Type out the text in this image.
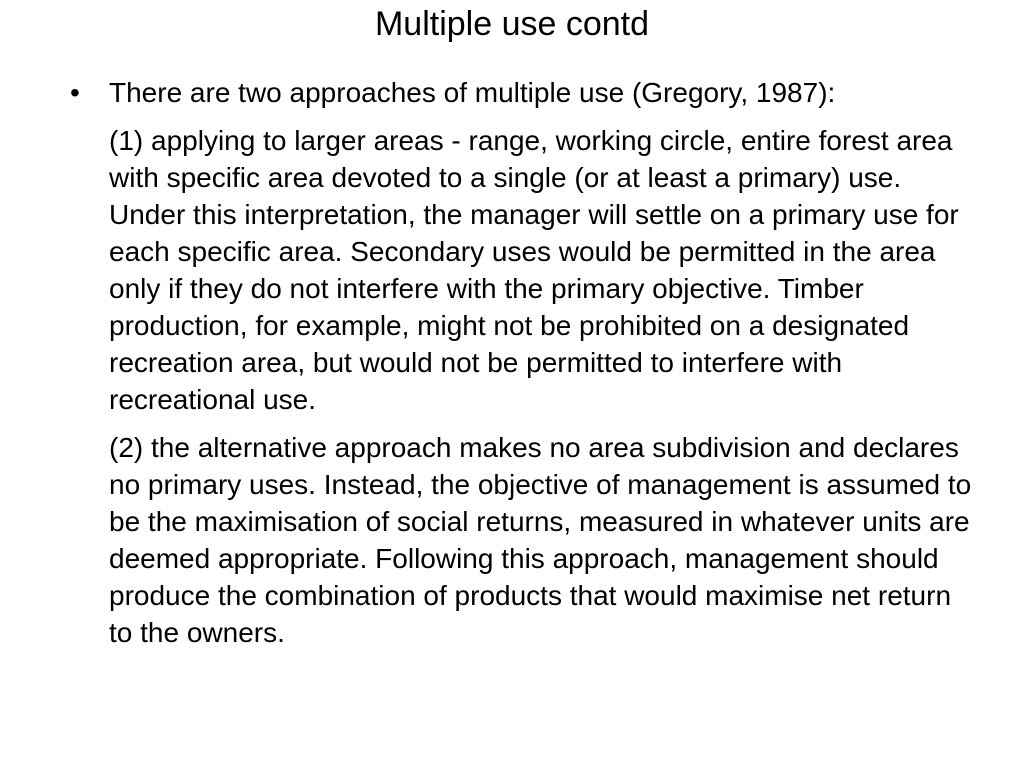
Multiple use contd
•	There are two approaches of multiple use (Gregory, 1987):
(1) applying to larger areas - range, working circle, entire forest area with specific area devoted to a single (or at least a primary) use. Under this interpretation, the manager will settle on a primary use for each specific area. Secondary uses would be permitted in the area only if they do not interfere with the primary objective. Timber production, for example, might not be prohibited on a designated recreation area, but would not be permitted to interfere with recreational use.
(2) the alternative approach makes no area subdivision and declares no primary uses. Instead, the objective of management is assumed to be the maximisation of social returns, measured in whatever units are deemed appropriate. Following this approach, management should produce the combination of products that would maximise net return to the owners.
